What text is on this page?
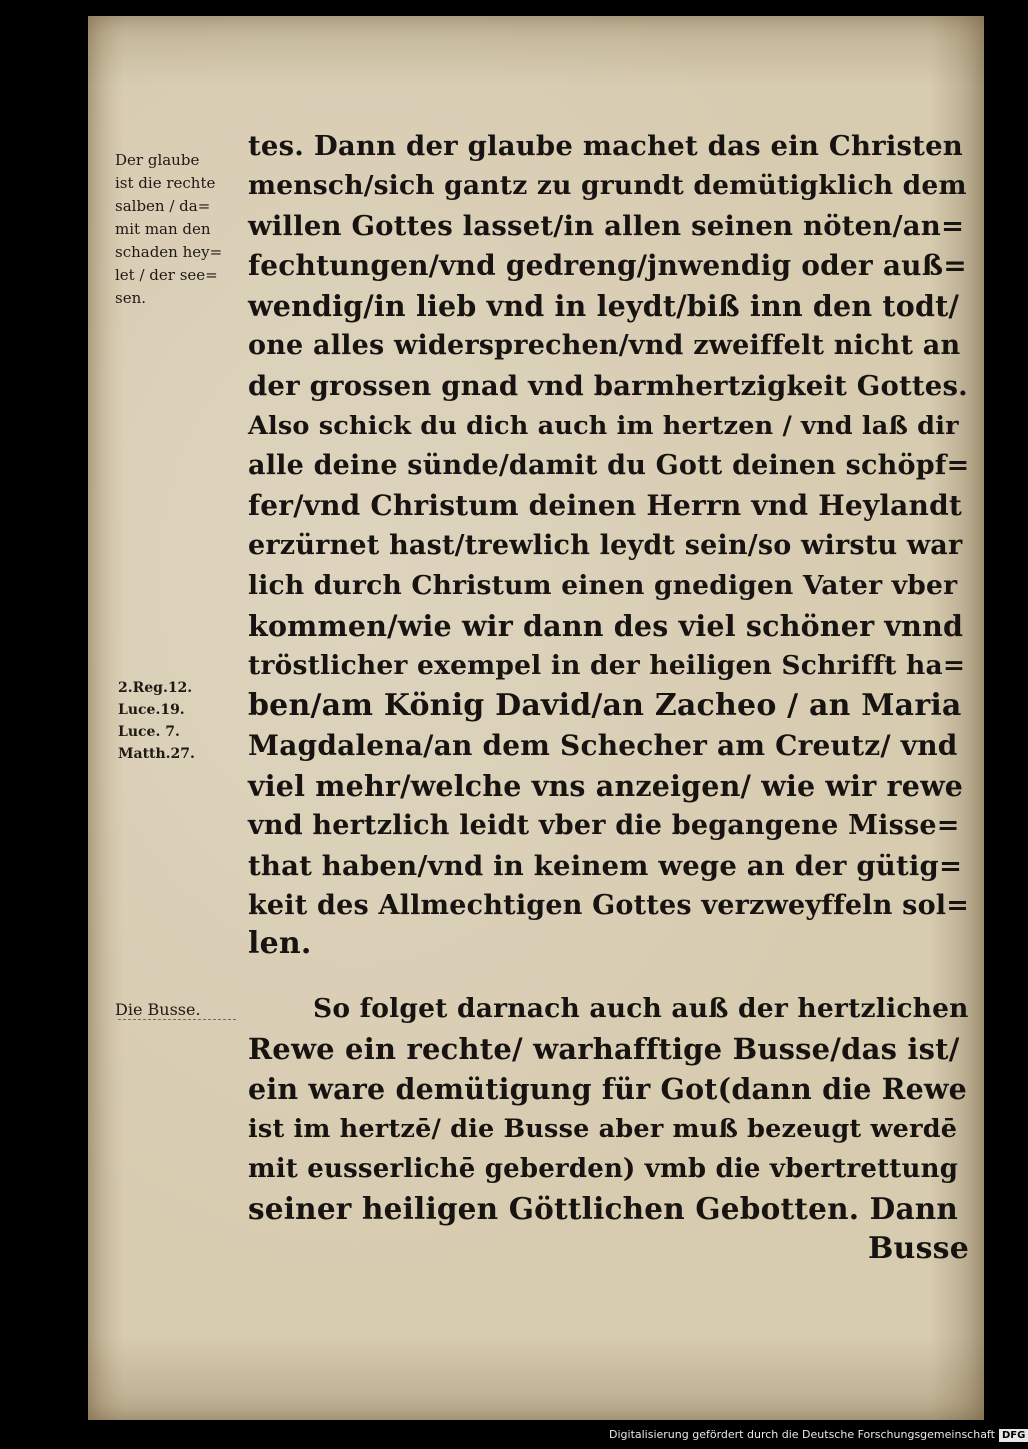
Der glaube

ist die rechte

salben / da=

mit man den

schaden hey=

let / der see=

sen.

2.Reg.12.

Luce.19.

Luce. 7.

Matth.27.

tes. Dann der glaube machet das ein Christen

mensch/sich gantz zu grundt demütigklich dem

willen Gottes lasset/in allen seinen nöten/an=

fechtungen/vnd gedreng/jnwendig oder auß=

wendig/in lieb vnd in leydt/biß inn den todt/

one alles widersprechen/vnd zweiffelt nicht an

der grossen gnad vnd barmhertzigkeit Gottes.

Also schick du dich auch im hertzen / vnd laß dir

alle deine sünde/damit du Gott deinen schöpf=

fer/vnd Christum deinen Herrn vnd Heylandt

erzürnet hast/trewlich leydt sein/so wirstu war

lich durch Christum einen gnedigen Vater vber

kommen/wie wir dann des viel schöner vnnd

tröstlicher exempel in der heiligen Schrifft ha=

ben/am König David/an Zacheo / an Maria

Magdalena/an dem Schecher am Creutz/ vnd

viel mehr/welche vns anzeigen/ wie wir rewe

vnd hertzlich leidt vber die begangene Misse=

that haben/vnd in keinem wege an der gütig=

keit des Allmechtigen Gottes verzweyffeln sol=

len.

Die Busse.	So folget darnach auch auß der hertzlichen

Rewe ein rechte/ warhafftige Busse/das ist/

ein ware demütigung für Got(dann die Rewe

ist im hertzē/ die Busse aber muß bezeugt werdē

mit eusserlichē geberden) vmb die vbertrettung

seiner heiligen Göttlichen Gebotten. Dann

Busse

Digitalisierung gefördert durch die Deutsche Forschungsgemeinschaft DFG
